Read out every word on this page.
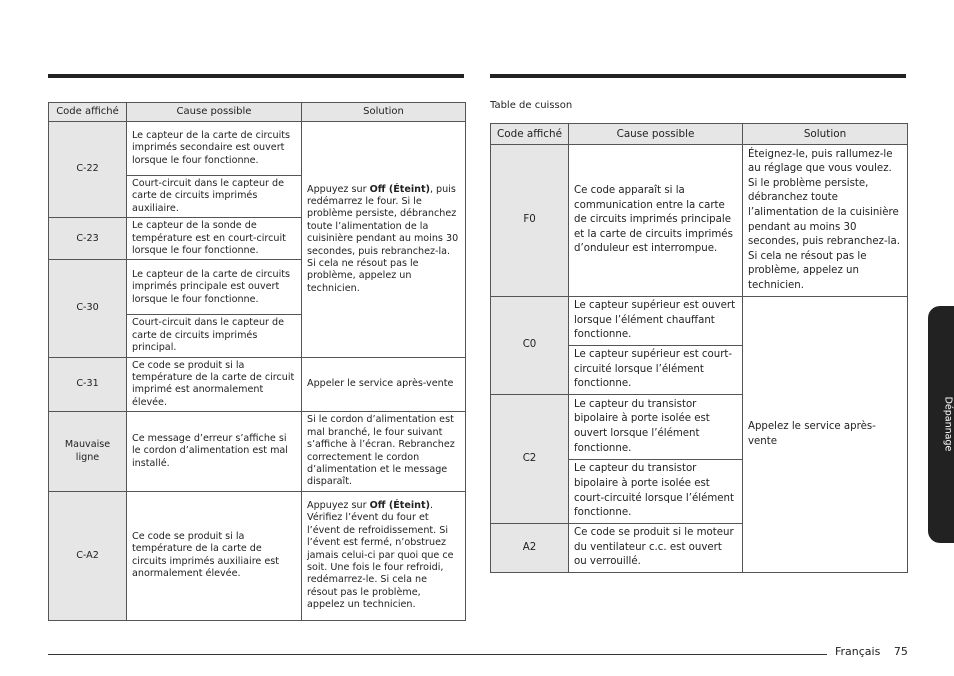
Code affiché	Cause possible	Solution
C-22	Le capteur de la carte de circuits imprimés secondaire est ouvert lorsque le four fonctionne.	Appuyez sur Off (Éteint), puis redémarrez le four. Si le problème persiste, débranchez toute l’alimentation de la cuisinière pendant au moins 30 secondes, puis rebranchez-la. Si cela ne résout pas le problème, appelez un technicien.
	Court-circuit dans le capteur de carte de circuits imprimés auxiliaire.	
C-23	Le capteur de la sonde de température est en court-circuit lorsque le four fonctionne.	
C-30	Le capteur de la carte de circuits imprimés principale est ouvert lorsque le four fonctionne.	
	Court-circuit dans le capteur de carte de circuits imprimés principal.	
C-31	Ce code se produit si la température de la carte de circuit imprimé est anormalement élevée.	Appeler le service après-vente
Mauvaise ligne	Ce message d’erreur s’affiche si le cordon d’alimentation est mal installé.	Si le cordon d’alimentation est mal branché, le four suivant s’affiche à l’écran. Rebranchez correctement le cordon d’alimentation et le message disparaît.
C-A2	Ce code se produit si la température de la carte de circuits imprimés auxiliaire est anormalement élevée.	Appuyez sur Off (Éteint). Vérifiez l’évent du four et l’évent de refroidissement. Si l’évent est fermé, n’obstruez jamais celui-ci par quoi que ce soit. Une fois le four refroidi, redémarrez-le. Si cela ne résout pas le problème, appelez un technicien.
Table de cuisson
Code affiché	Cause possible	Solution
F0	Ce code apparaît si la communication entre la carte de circuits imprimés principale et la carte de circuits imprimés d’onduleur est interrompue.	Éteignez-le, puis rallumez-le au réglage que vous voulez. Si le problème persiste, débranchez toute l’alimentation de la cuisinière pendant au moins 30 secondes, puis rebranchez-la. Si cela ne résout pas le problème, appelez un technicien.
C0	Le capteur supérieur est ouvert lorsque l’élément chauffant fonctionne.	Appelez le service après-vente
	Le capteur supérieur est court-circuité lorsque l’élément fonctionne.	
C2	Le capteur du transistor bipolaire à porte isolée est ouvert lorsque l’élément fonctionne.	
	Le capteur du transistor bipolaire à porte isolée est court-circuité lorsque l’élément fonctionne.	
A2	Ce code se produit si le moteur du ventilateur c.c. est ouvert ou verrouillé.	
Dépannage
Français 75
